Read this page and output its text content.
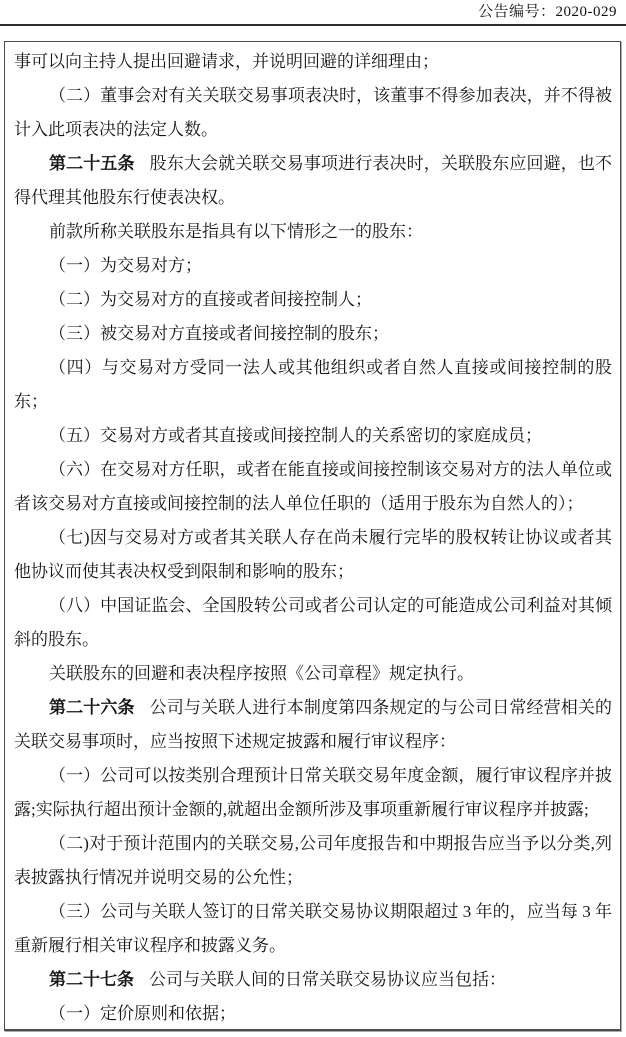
公告编号：2020-029

事可以向主持人提出回避请求，并说明回避的详细理由；

（二）董事会对有关关联交易事项表决时，该董事不得参加表决，并不得被计入此项表决的法定人数。

第二十五条 股东大会就关联交易事项进行表决时，关联股东应回避，也不得代理其他股东行使表决权。

前款所称关联股东是指具有以下情形之一的股东：

（一）为交易对方；

（二）为交易对方的直接或者间接控制人；

（三）被交易对方直接或者间接控制的股东；

（四）与交易对方受同一法人或其他组织或者自然人直接或间接控制的股东；

（五）交易对方或者其直接或间接控制人的关系密切的家庭成员；

（六）在交易对方任职，或者在能直接或间接控制该交易对方的法人单位或者该交易对方直接或间接控制的法人单位任职的（适用于股东为自然人的）；

（七)因与交易对方或者其关联人存在尚未履行完毕的股权转让协议或者其他协议而使其表决权受到限制和影响的股东；

（八）中国证监会、全国股转公司或者公司认定的可能造成公司利益对其倾斜的股东。

关联股东的回避和表决程序按照《公司章程》规定执行。

第二十六条 公司与关联人进行本制度第四条规定的与公司日常经营相关的关联交易事项时，应当按照下述规定披露和履行审议程序：

（一）公司可以按类别合理预计日常关联交易年度金额，履行审议程序并披露;实际执行超出预计金额的,就超出金额所涉及事项重新履行审议程序并披露;

（二)对于预计范围内的关联交易,公司年度报告和中期报告应当予以分类,列表披露执行情况并说明交易的公允性；

（三）公司与关联人签订的日常关联交易协议期限超过 3 年的，应当每 3 年重新履行相关审议程序和披露义务。

第二十七条 公司与关联人间的日常关联交易协议应当包括：

（一）定价原则和依据；
